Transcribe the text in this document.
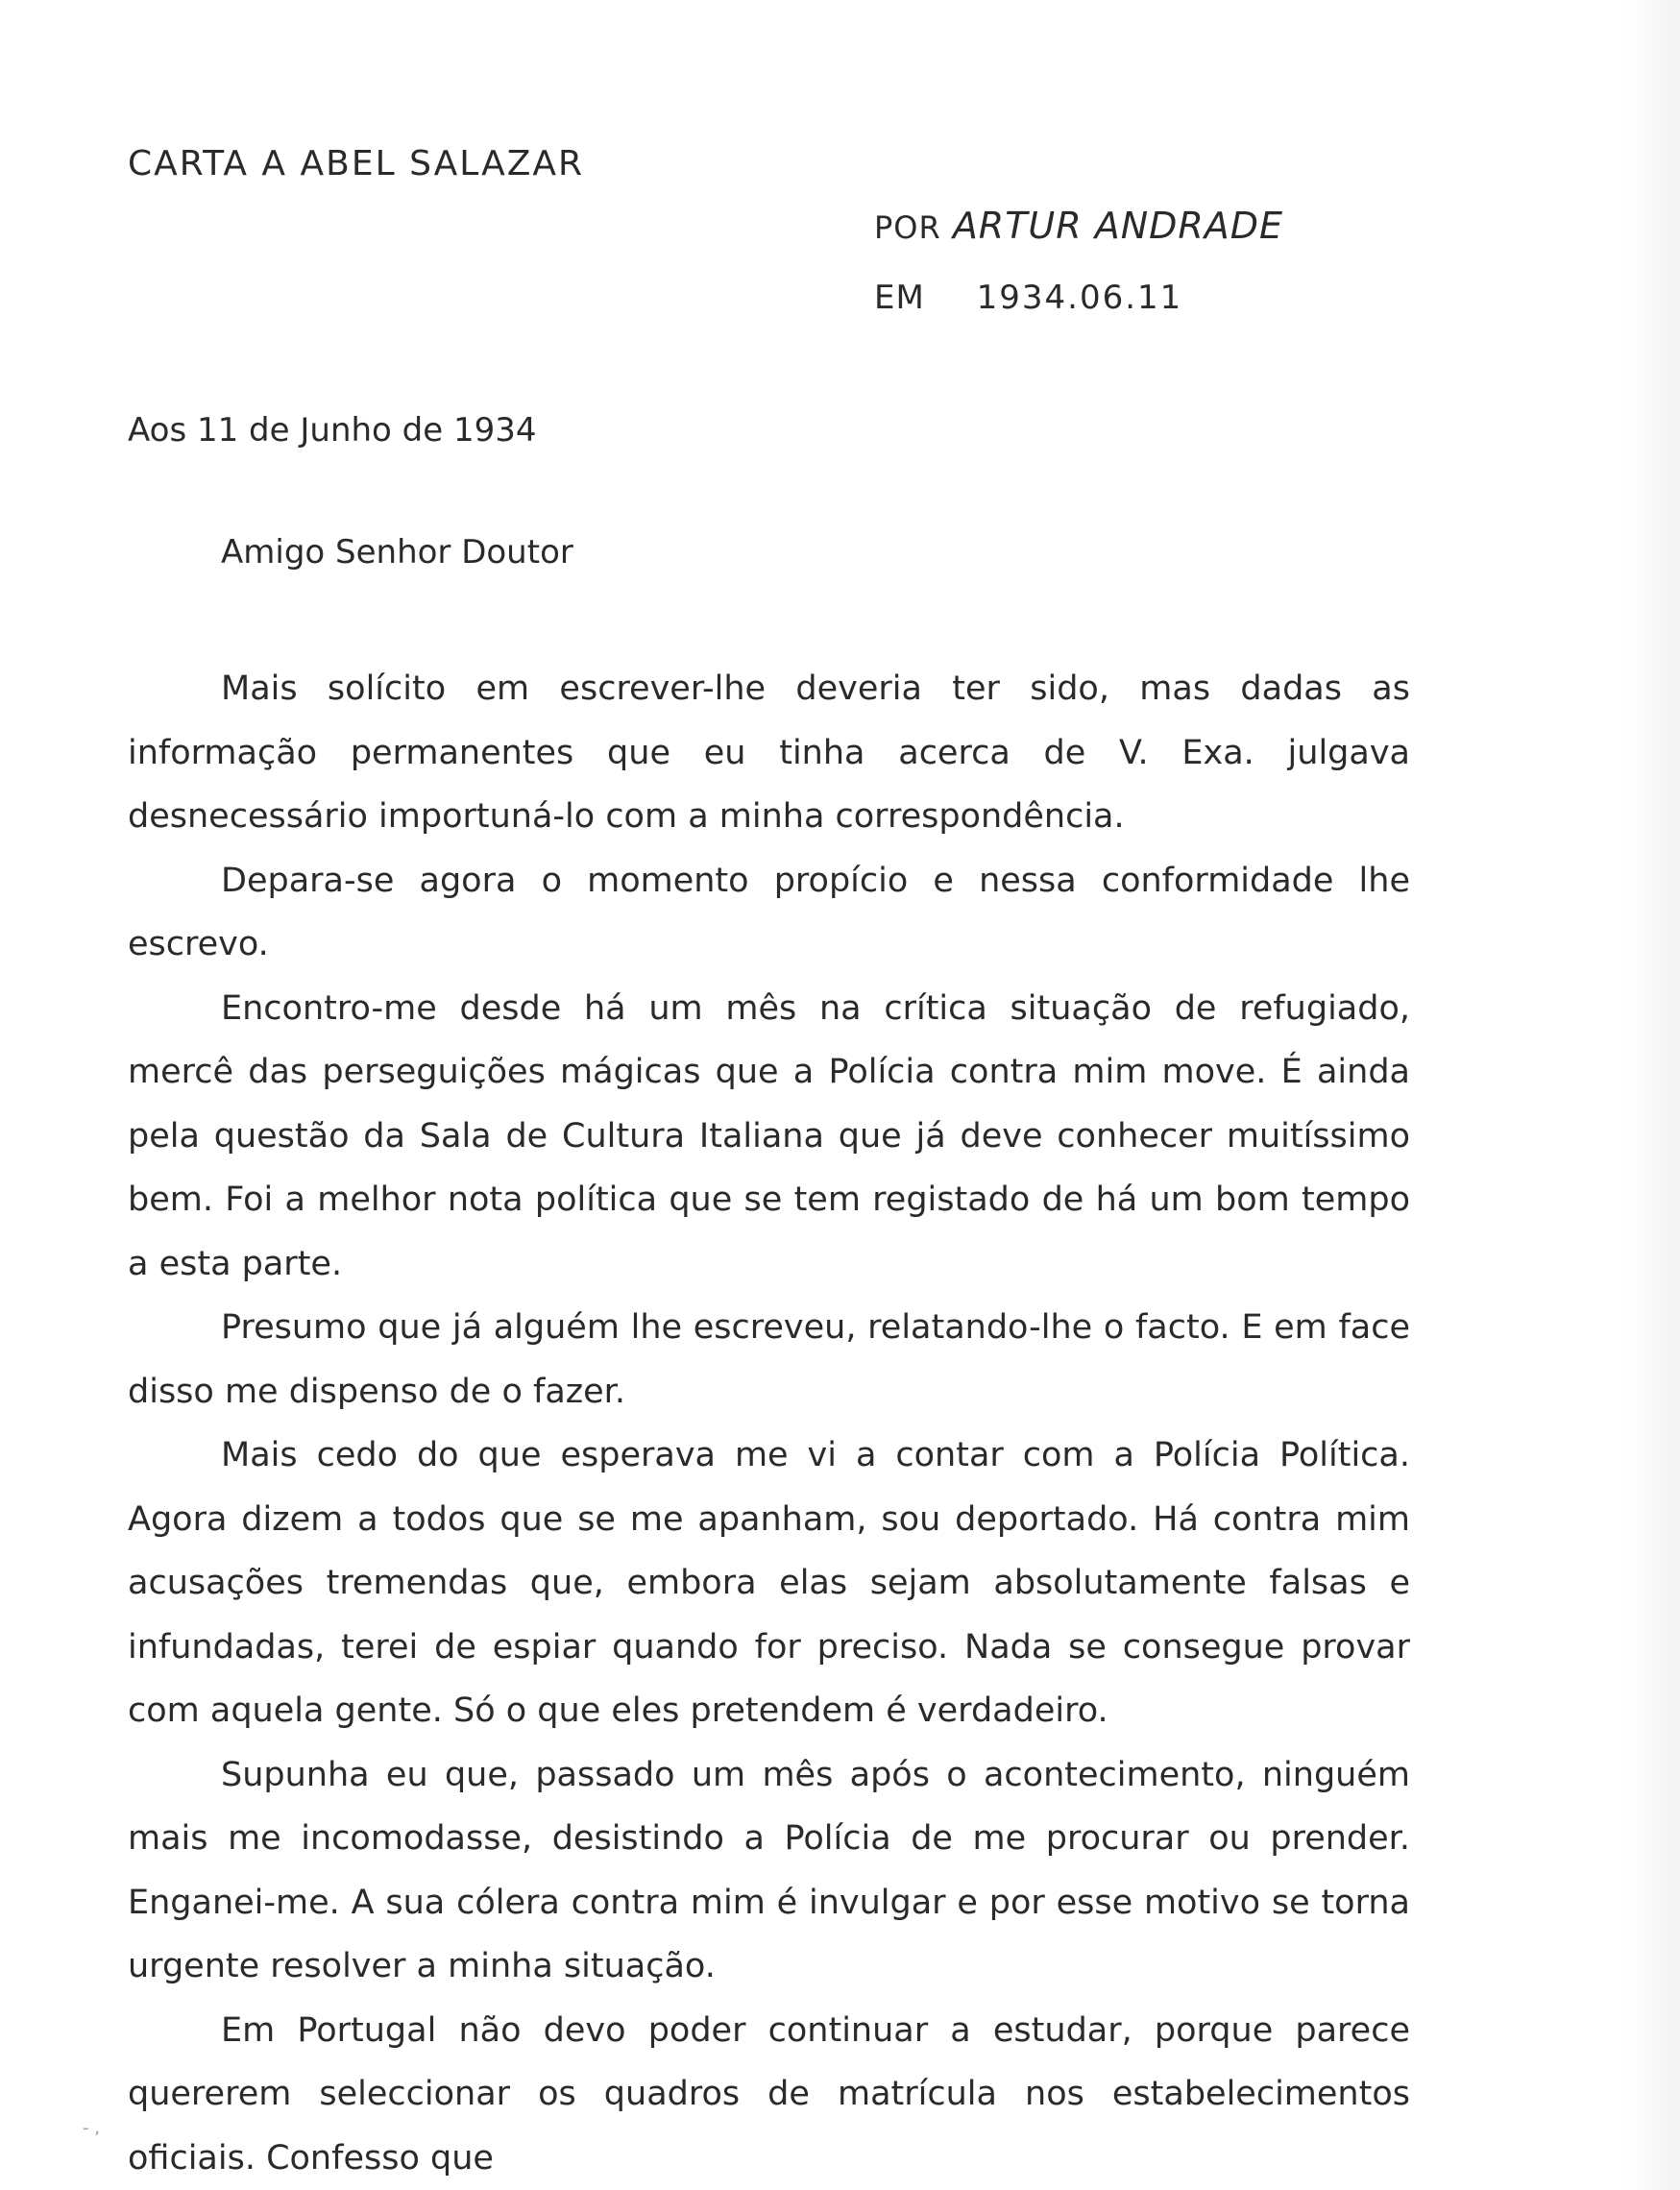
CARTA A ABEL SALAZAR
POR ARTUR ANDRADE
EM 1934.06.11
Aos 11 de Junho de 1934
Amigo Senhor Doutor

Mais solícito em escrever-lhe deveria ter sido, mas dadas as informação permanentes que eu tinha acerca de V. Exa. julgava desnecessário importuná-lo com a minha correspondência.

Depara-se agora o momento propício e nessa conformidade lhe escrevo.

Encontro-me desde há um mês na crítica situação de refugiado, mercê das perseguições mágicas que a Polícia contra mim move. É ainda pela questão da Sala de Cultura Italiana que já deve conhecer muitíssimo bem. Foi a melhor nota política que se tem registado de há um bom tempo a esta parte.

Presumo que já alguém lhe escreveu, relatando-lhe o facto. E em face disso me dispenso de o fazer.

Mais cedo do que esperava me vi a contar com a Polícia Política. Agora dizem a todos que se me apanham, sou deportado. Há contra mim acusações tremendas que, embora elas sejam absolutamente falsas e infundadas, terei de espiar quando for preciso. Nada se consegue provar com aquela gente. Só o que eles pretendem é verdadeiro.

Supunha eu que, passado um mês após o acontecimento, ninguém mais me incomodasse, desistindo a Polícia de me procurar ou prender. Enganei-me. A sua cólera contra mim é invulgar e por esse motivo se torna urgente resolver a minha situação.

Em Portugal não devo poder continuar a estudar, porque parece quererem seleccionar os quadros de matrícula nos estabelecimentos oficiais. Confesso que

- ,
